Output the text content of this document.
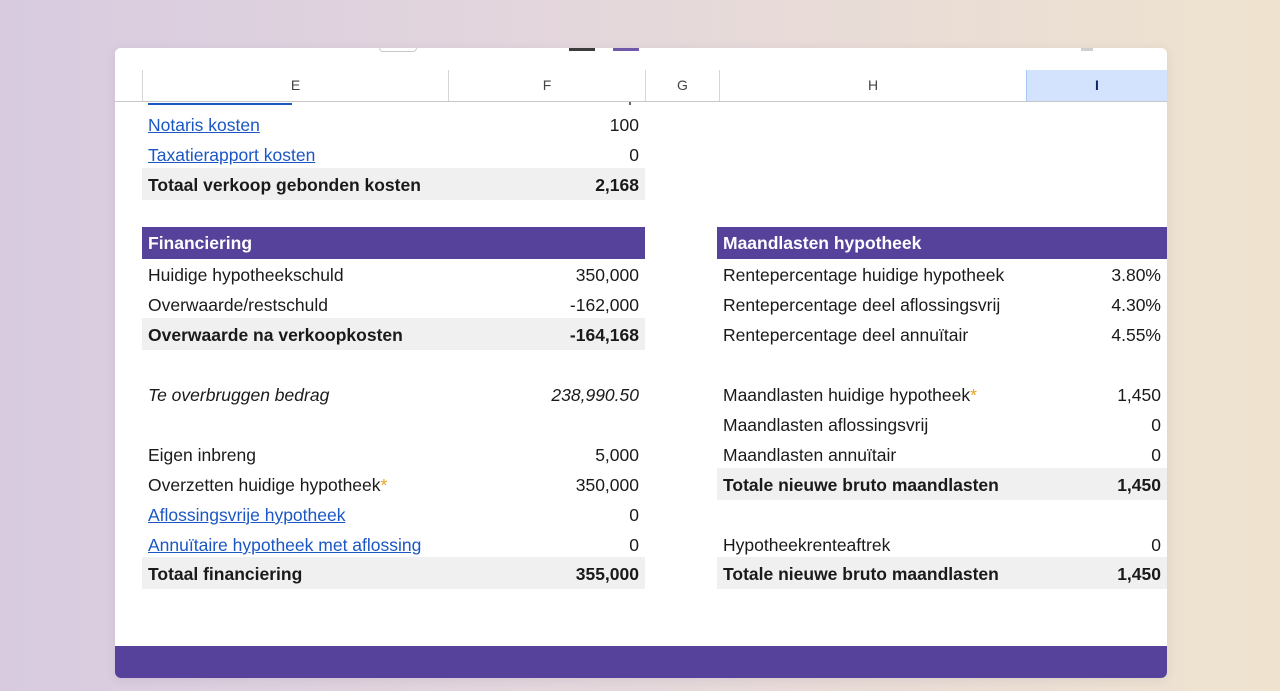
E	F	G	H	I
Notaris kosten	100
Taxatierapport kosten	0
Totaal verkoop gebonden kosten	2,168
Financiering
Huidige hypotheekschuld	350,000
Overwaarde/restschuld	-162,000
Overwaarde na verkoopkosten	-164,168
Te overbruggen bedrag	238,990.50
Eigen inbreng	5,000
Overzetten huidige hypotheek*	350,000
Aflossingsvrije hypotheek	0
Annuïtaire hypotheek met aflossing	0
Totaal financiering	355,000
Maandlasten hypotheek
Rentepercentage huidige hypotheek	3.80%
Rentepercentage deel aflossingsvrij	4.30%
Rentepercentage deel annuïtair	4.55%
Maandlasten huidige hypotheek*	1,450
Maandlasten aflossingsvrij	0
Maandlasten annuïtair	0
Totale nieuwe bruto maandlasten	1,450
Hypotheekrenteaftrek	0
Totale nieuwe bruto maandlasten	1,450
